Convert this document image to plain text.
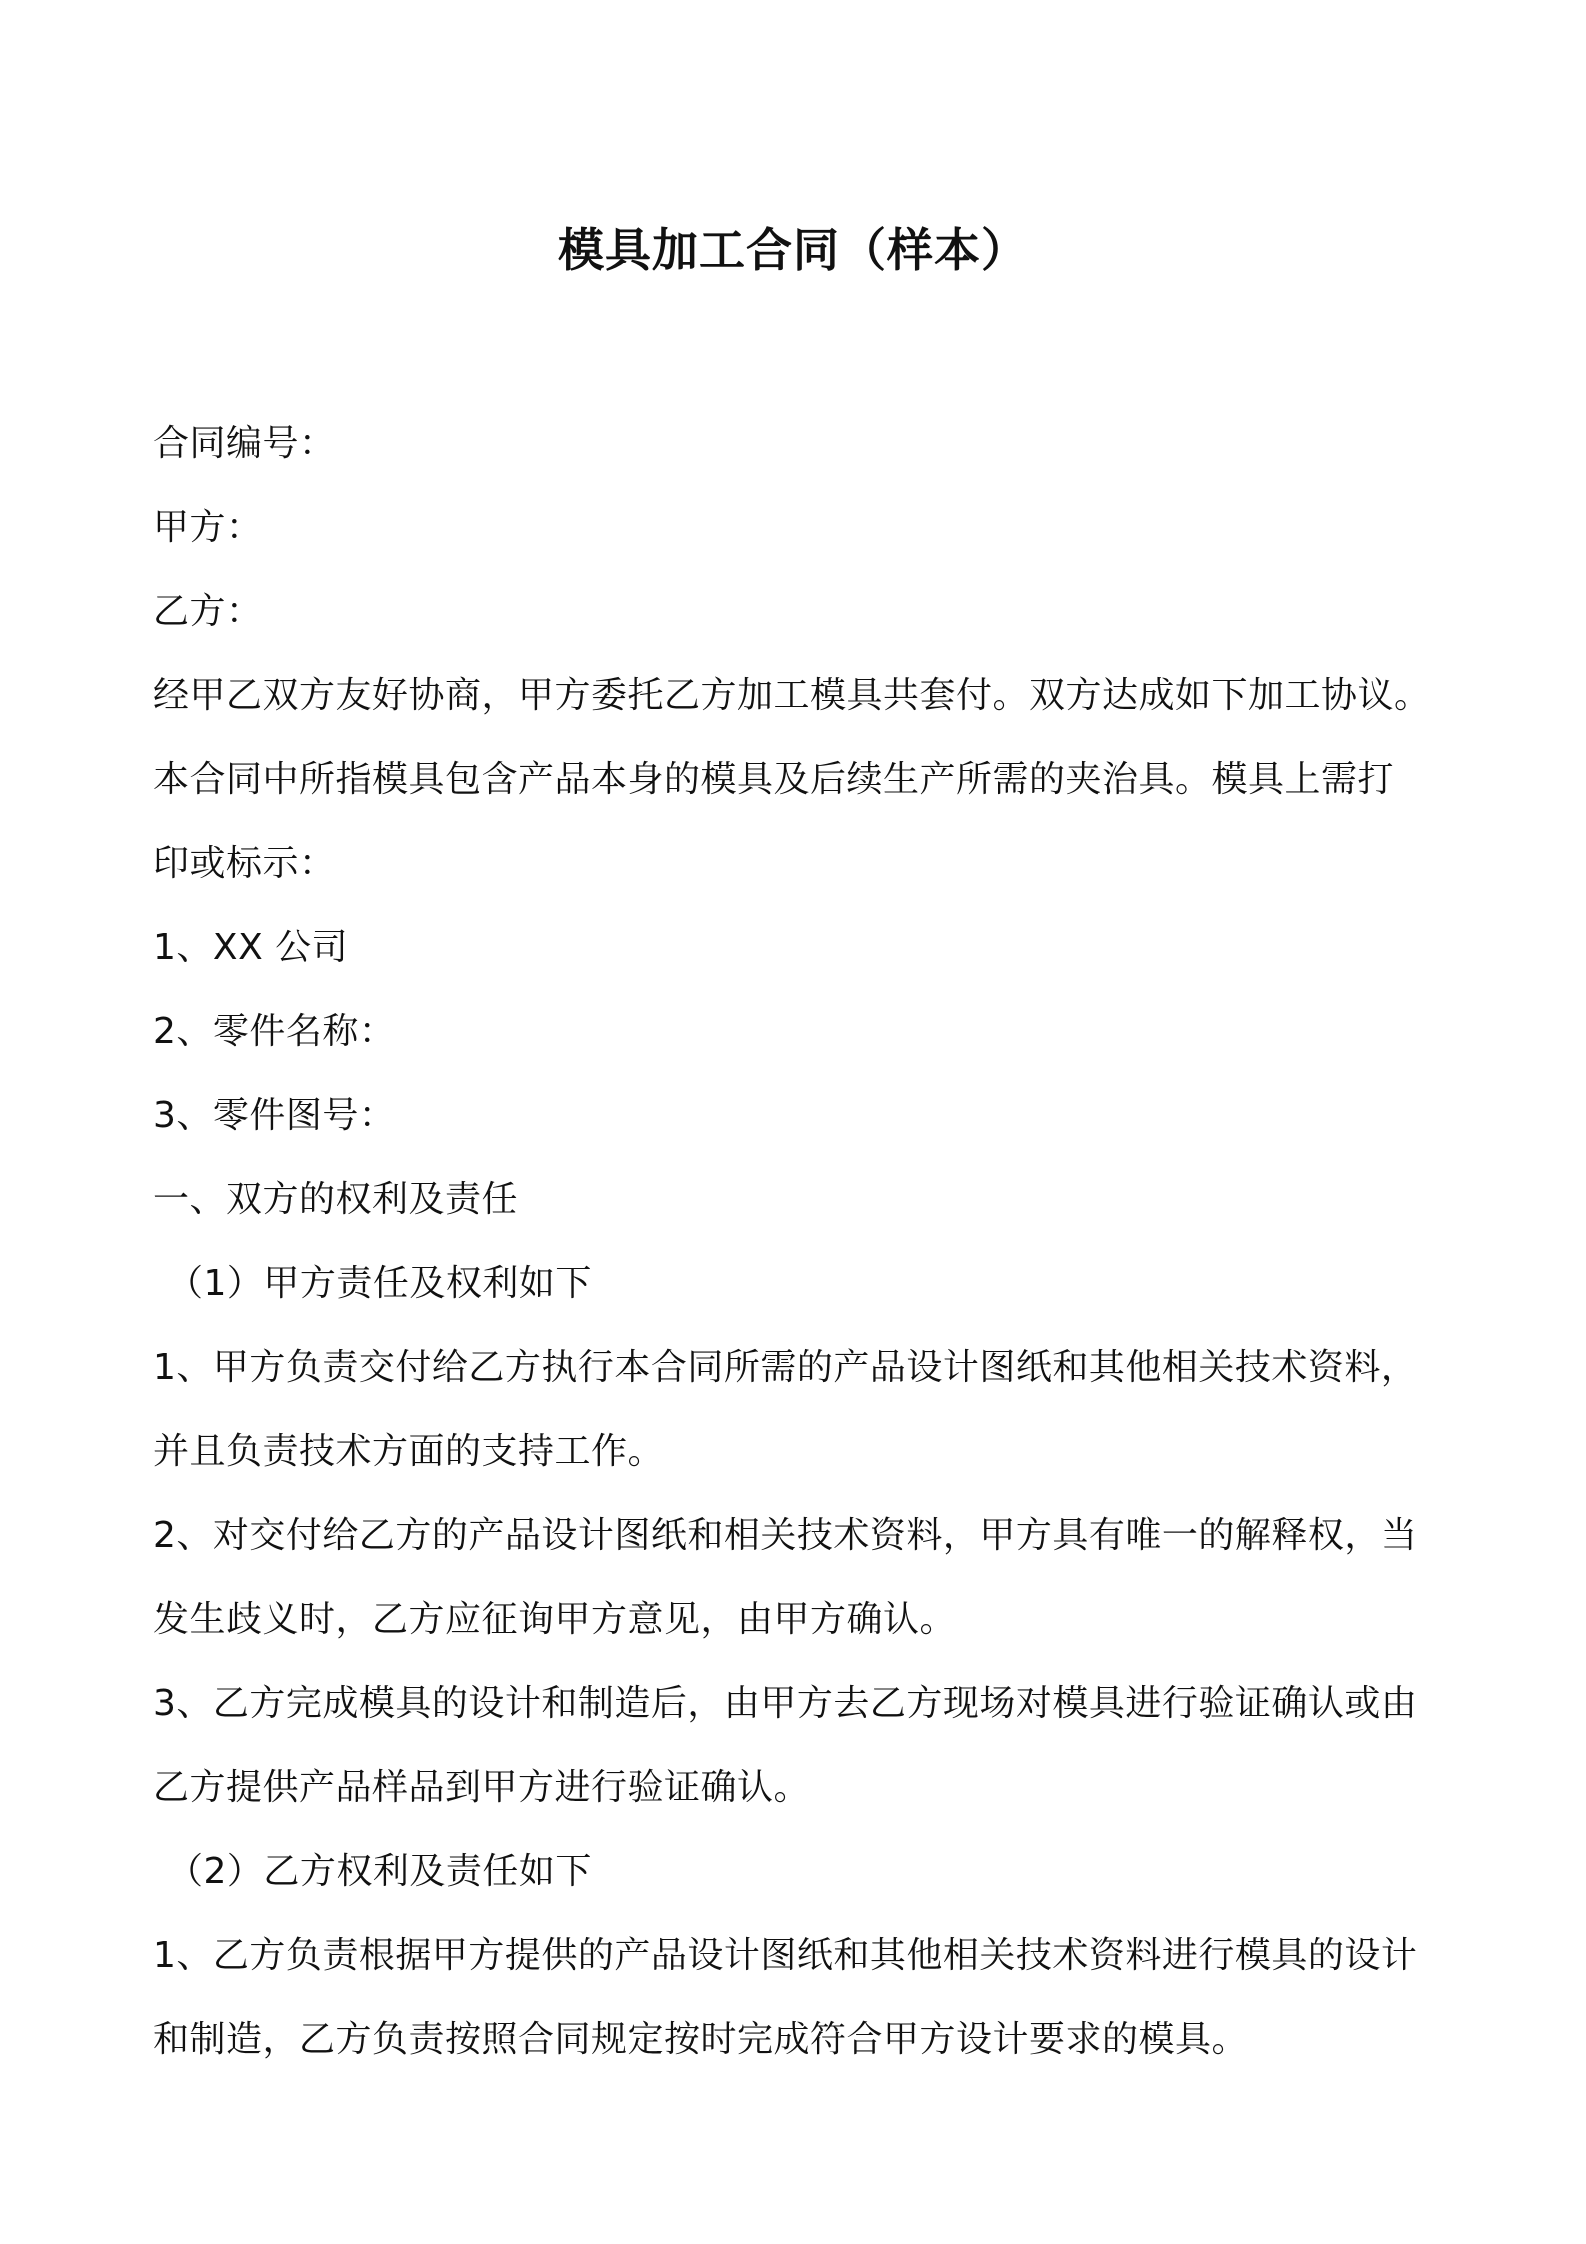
模具加工合同（样本）
合同编号：
甲方：
乙方：
经甲乙双方友好协商，甲方委托乙方加工模具共套付。双方达成如下加工协议。
本合同中所指模具包含产品本身的模具及后续生产所需的夹治具。模具上需打
印或标示：
1、XX 公司
2、零件名称：
3、零件图号：
一、双方的权利及责任
（1）甲方责任及权利如下
1、甲方负责交付给乙方执行本合同所需的产品设计图纸和其他相关技术资料，
并且负责技术方面的支持工作。
2、对交付给乙方的产品设计图纸和相关技术资料，甲方具有唯一的解释权，当
发生歧义时，乙方应征询甲方意见，由甲方确认。
3、乙方完成模具的设计和制造后，由甲方去乙方现场对模具进行验证确认或由
乙方提供产品样品到甲方进行验证确认。
（2）乙方权利及责任如下
1、乙方负责根据甲方提供的产品设计图纸和其他相关技术资料进行模具的设计
和制造，乙方负责按照合同规定按时完成符合甲方设计要求的模具。
